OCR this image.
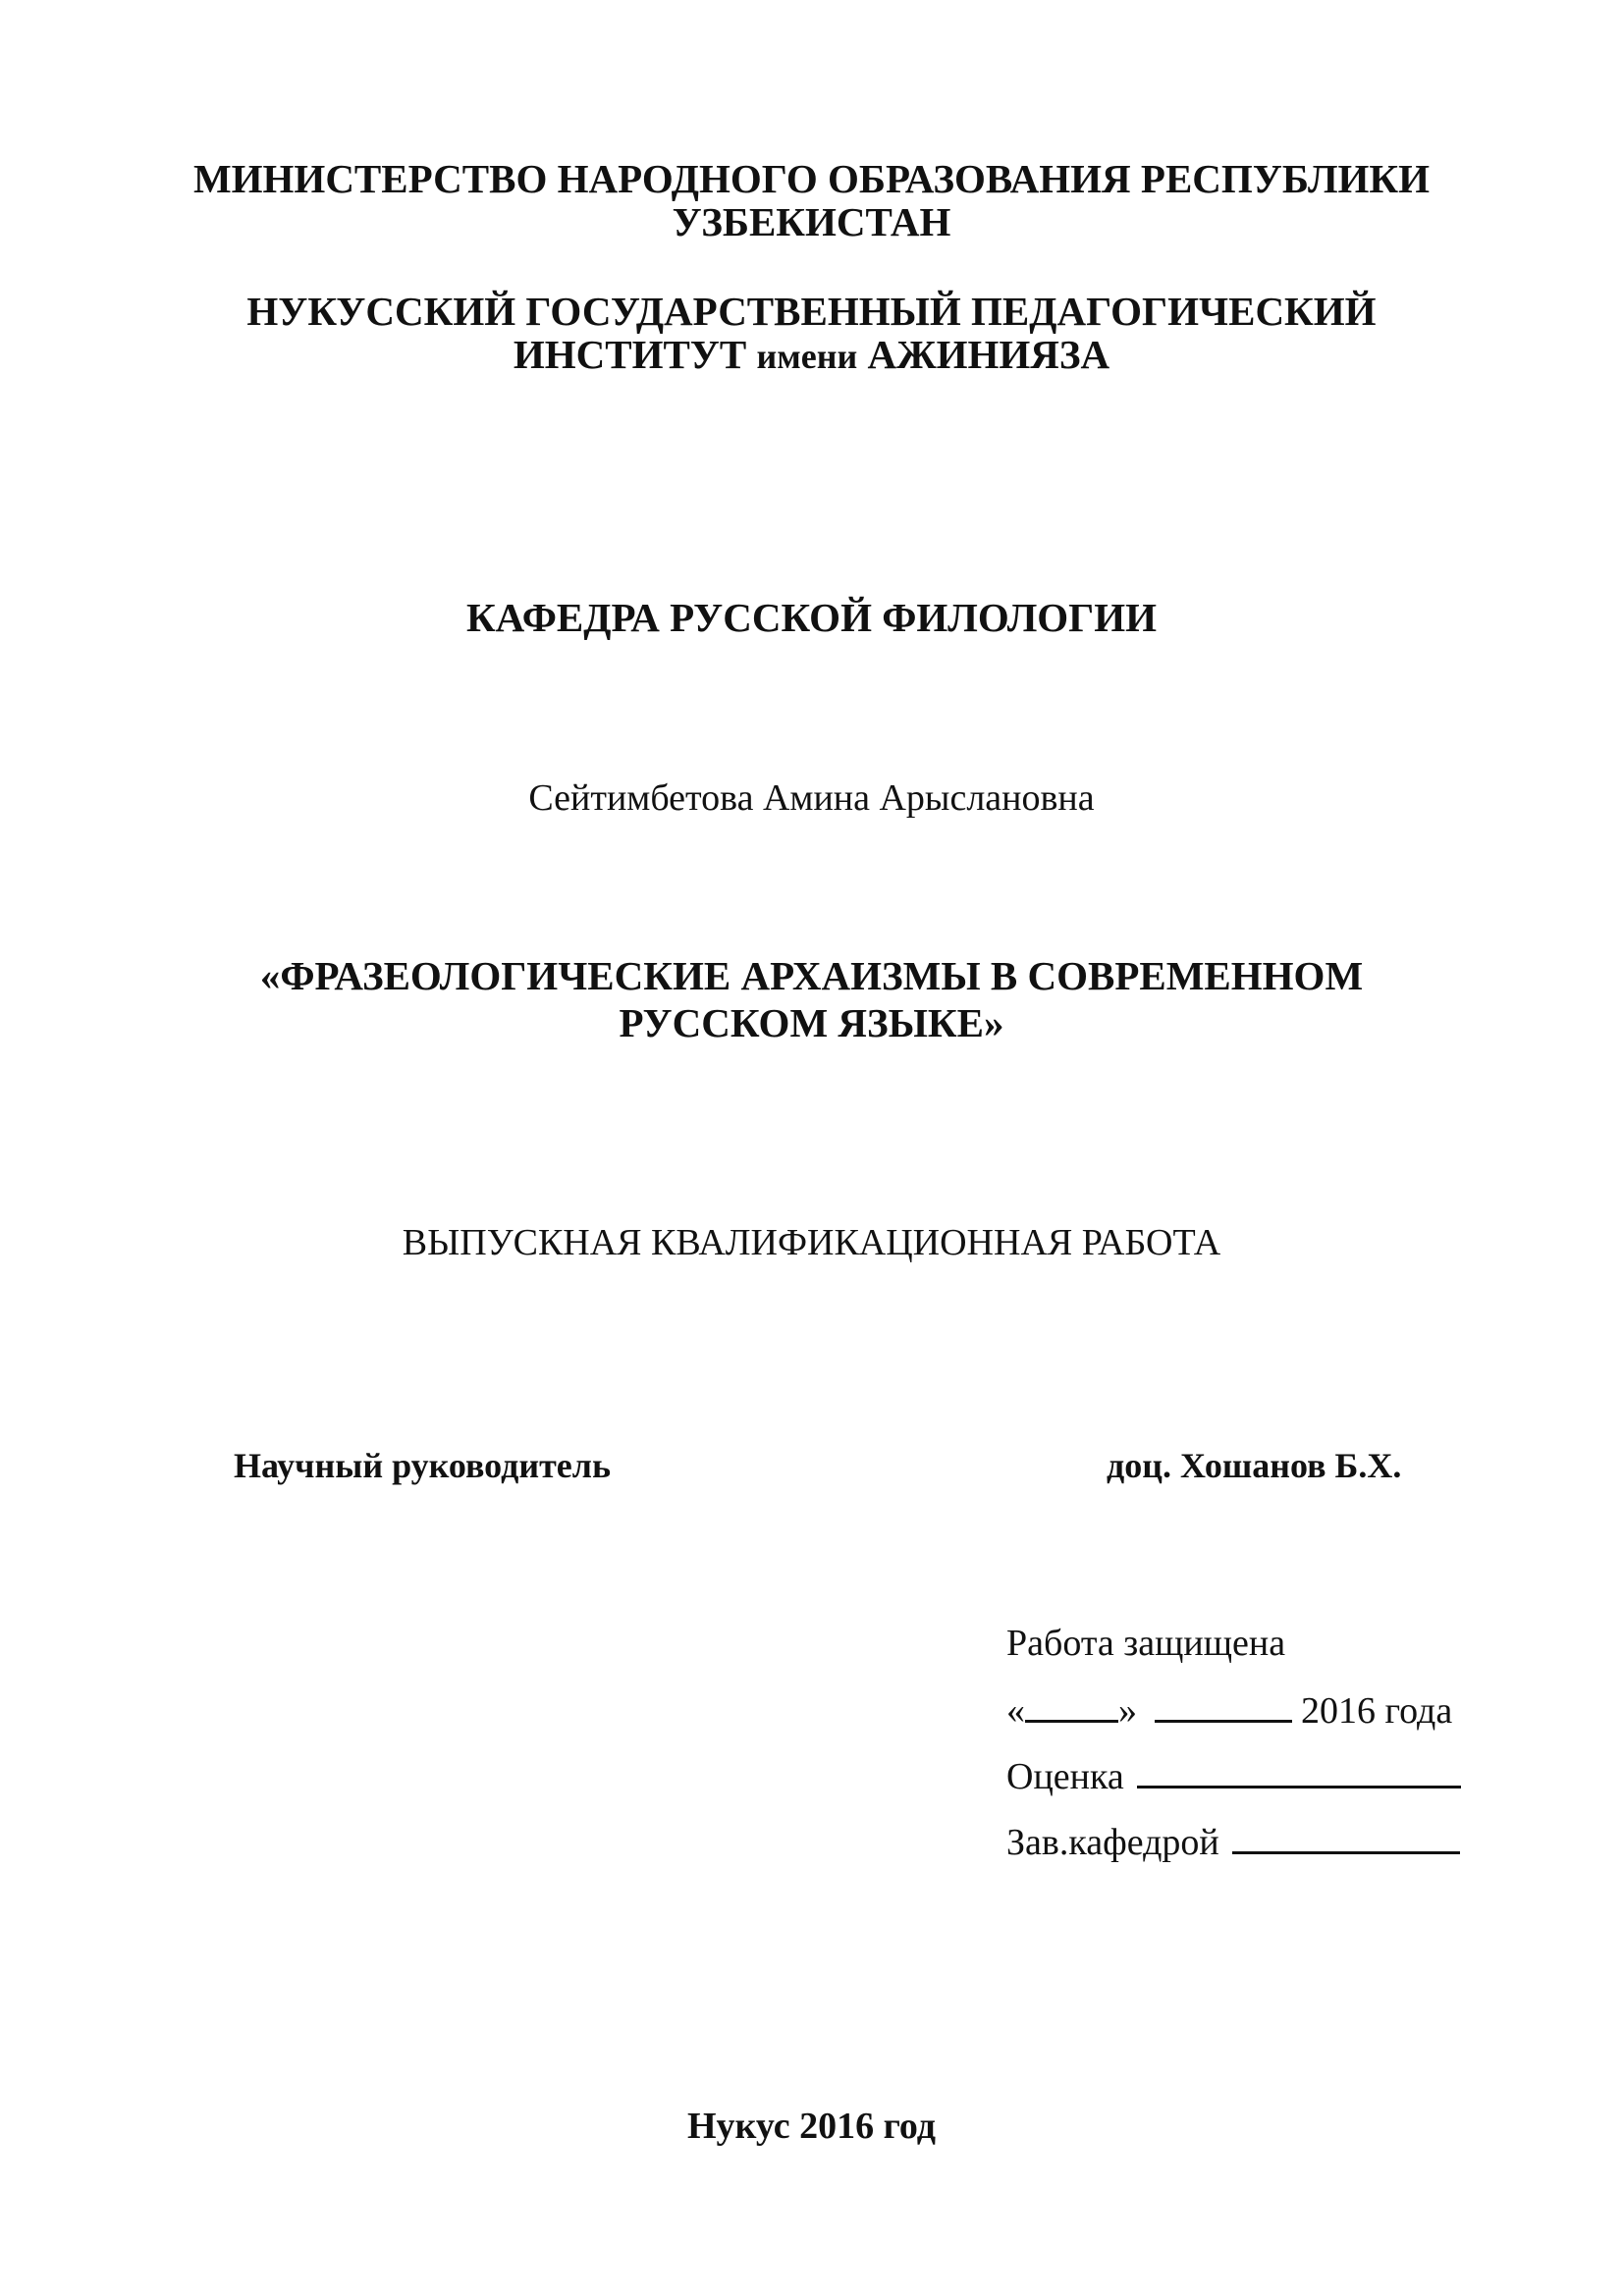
МИНИСТЕРСТВО НАРОДНОГО ОБРАЗОВАНИЯ РЕСПУБЛИКИ
УЗБЕКИСТАН
НУКУССКИЙ ГОСУДАРСТВЕННЫЙ ПЕДАГОГИЧЕСКИЙ
ИНСТИТУТ имени АЖИНИЯЗА
КАФЕДРА РУССКОЙ ФИЛОЛОГИИ
Сейтимбетова Амина Арыслановна
«ФРАЗЕОЛОГИЧЕСКИЕ АРХАИЗМЫ В СОВРЕМЕННОМ
РУССКОМ ЯЗЫКЕ»
ВЫПУСКНАЯ КВАЛИФИКАЦИОННАЯ РАБОТА
Научный руководитель	доц. Хошанов Б.Х.
Работа защищена
«	»	2016 года
Оценка
Зав.кафедрой
Нукус 2016 год
